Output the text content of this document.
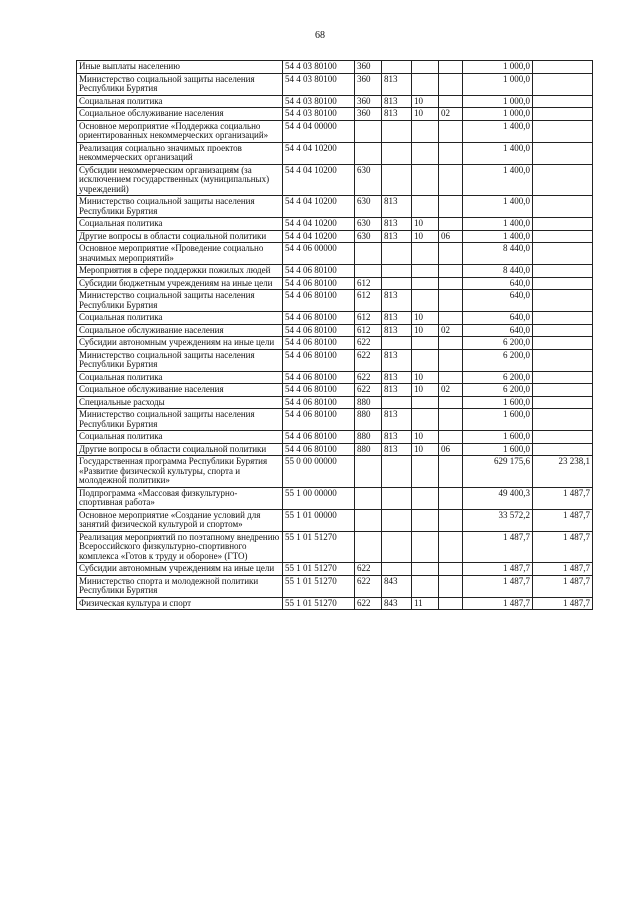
68
Иные выплаты населению	54 4 03 80100	360				1 000,0	
Министерство социальной защиты населения Республики Бурятия	54 4 03 80100	360	813			1 000,0	
Социальная политика	54 4 03 80100	360	813	10		1 000,0	
Социальное обслуживание населения	54 4 03 80100	360	813	10	02	1 000,0	
Основное мероприятие «Поддержка социально ориентированных некоммерческих организаций»	54 4 04 00000					1 400,0	
Реализация социально значимых проектов некоммерческих организаций	54 4 04 10200					1 400,0	
Субсидии некоммерческим организациям (за исключением государственных (муниципальных) учреждений)	54 4 04 10200	630				1 400,0	
Министерство социальной защиты населения Республики Бурятия	54 4 04 10200	630	813			1 400,0	
Социальная политика	54 4 04 10200	630	813	10		1 400,0	
Другие вопросы в области социальной политики	54 4 04 10200	630	813	10	06	1 400,0	
Основное мероприятие «Проведение социально значимых мероприятий»	54 4 06 00000					8 440,0	
Мероприятия в сфере поддержки пожилых людей	54 4 06 80100					8 440,0	
Субсидии бюджетным учреждениям на иные цели	54 4 06 80100	612				640,0	
Министерство социальной защиты населения Республики Бурятия	54 4 06 80100	612	813			640,0	
Социальная политика	54 4 06 80100	612	813	10		640,0	
Социальное обслуживание населения	54 4 06 80100	612	813	10	02	640,0	
Субсидии автономным учреждениям на иные цели	54 4 06 80100	622				6 200,0	
Министерство социальной защиты населения Республики Бурятия	54 4 06 80100	622	813			6 200,0	
Социальная политика	54 4 06 80100	622	813	10		6 200,0	
Социальное обслуживание населения	54 4 06 80100	622	813	10	02	6 200,0	
Специальные расходы	54 4 06 80100	880				1 600,0	
Министерство социальной защиты населения Республики Бурятия	54 4 06 80100	880	813			1 600,0	
Социальная политика	54 4 06 80100	880	813	10		1 600,0	
Другие вопросы в области социальной политики	54 4 06 80100	880	813	10	06	1 600,0	
Государственная программа Республики Бурятия «Развитие физической культуры, спорта и молодежной политики»	55 0 00 00000					629 175,6	23 238,1
Подпрограмма «Массовая физкультурно-спортивная работа»	55 1 00 00000					49 400,3	1 487,7
Основное мероприятие «Создание условий для занятий физической культурой и спортом»	55 1 01 00000					33 572,2	1 487,7
Реализация мероприятий по поэтапному внедрению Всероссийского физкультурно-спортивного комплекса «Готов к труду и обороне» (ГТО)	55 1 01 51270					1 487,7	1 487,7
Субсидии автономным учреждениям на иные цели	55 1 01 51270	622				1 487,7	1 487,7
Министерство спорта и молодежной политики Республики Бурятия	55 1 01 51270	622	843			1 487,7	1 487,7
Физическая культура и спорт	55 1 01 51270	622	843	11		1 487,7	1 487,7
